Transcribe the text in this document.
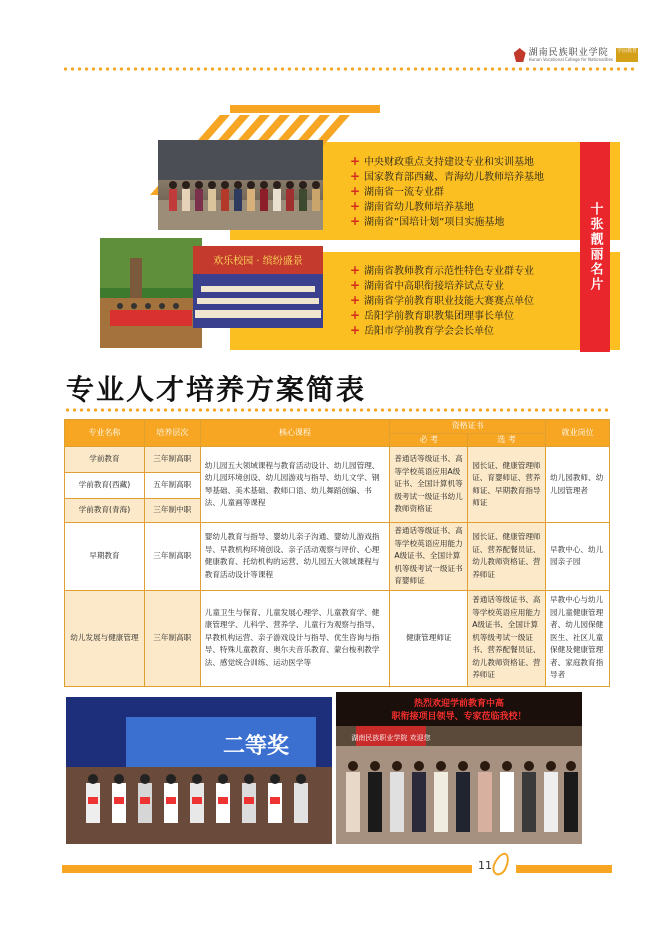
湖南民族职业学院
Hunan Vocational College for Nationalities
学前教育
欢乐校园 · 缤纷盛景
+ 中央财政重点支持建设专业和实训基地
+ 国家教育部西藏、青海幼儿教师培养基地
+ 湖南省一流专业群
+ 湖南省幼儿教师培养基地
+ 湖南省“国培计划”项目实施基地
+ 湖南省教师教育示范性特色专业群专业
+ 湖南省中高职衔接培养试点专业
+ 湖南省学前教育职业技能大赛赛点单位
+ 岳阳学前教育职教集团理事长单位
+ 岳阳市学前教育学会会长单位
十张靓丽名片
专业人才培养方案简表
专业名称	培养层次	核心课程	资格证书		就业岗位
			必 考	选 考	
学前教育	三年制高职	幼儿园五大领域课程与教育活动设计、幼儿园管理、幼儿园环境创设、幼儿园游戏与指导、幼儿文学、钢琴基础、美术基础、教师口语、幼儿舞蹈创编、书法、儿童画等课程	普通话等级证书、高等学校英语应用A级证书、全国计算机等级考试一级证书幼儿教师资格证	园长证、健康管理师证、育婴师证、营养师证、早期教育指导师证	幼儿园教师、幼儿园管理者
学前教育(西藏)	五年制高职				
学前教育(青海)	三年制中职				
早期教育	三年制高职	婴幼儿教育与指导、婴幼儿亲子沟通、婴幼儿游戏指导、早教机构环境创设、亲子活动观察与评价、心理健康教育、托幼机构的运营、幼儿园五大领域课程与教育活动设计等课程	普通话等级证书、高等学校英语应用能力A级证书、全国计算机等级考试一级证书育婴师证	园长证、健康管理师证、营养配餐员证、幼儿教师资格证、营养师证	早教中心、幼儿园亲子园
幼儿发展与健康管理	三年制高职	儿童卫生与保育、儿童发展心理学、儿童教育学、健康管理学、儿科学、营养学、儿童行为观察与指导、早教机构运营、亲子游戏设计与指导、优生咨询与指导、特殊儿童教育、奥尔夫音乐教育、蒙台梭利教学法、感觉统合训练、运动医学等	健康管理师证	普通话等级证书、高等学校英语应用能力A级证书、全国计算机等级考试一级证书、营养配餐员证、幼儿教师资格证、营养师证	早教中心与幼儿园儿童健康管理者、幼儿园保健医生、社区儿童保健及健康管理者、家庭教育指导者
二等奖
热烈欢迎学前教育中高
职衔接项目领导、专家莅临我校！
湖南民族职业学院 欢迎您
11
